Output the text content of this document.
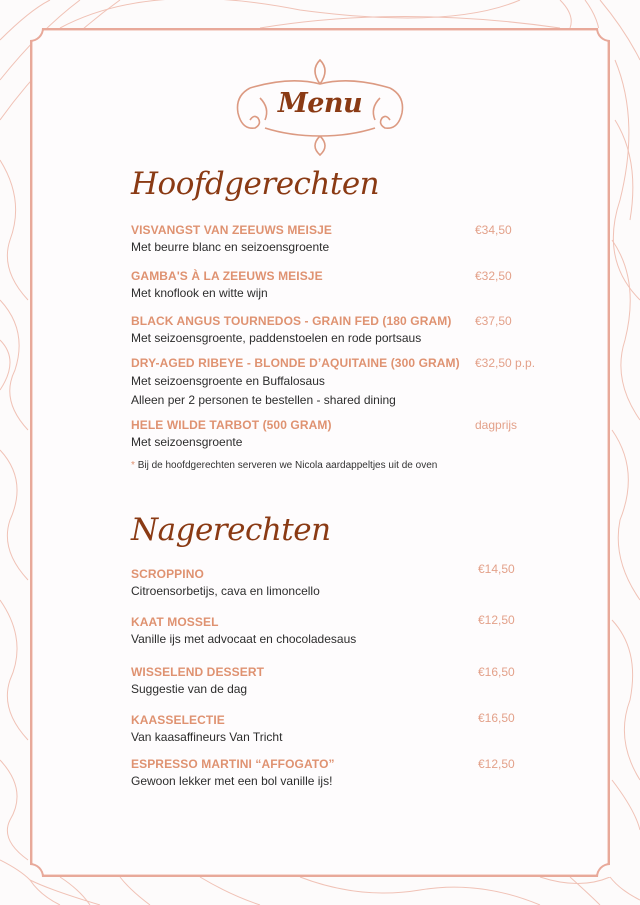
Menu
Hoofdgerechten
VISVANGST VAN ZEEUWS MEISJE
Met beurre blanc en seizoensgroente
€34,50
GAMBA'S À LA ZEEUWS MEISJE
Met knoflook en witte wijn
€32,50
BLACK ANGUS TOURNEDOS - GRAIN FED (180 GRAM)
Met seizoensgroente, paddenstoelen en rode portsaus
€37,50
DRY-AGED RIBEYE - BLONDE D’AQUITAINE (300 GRAM)
Met seizoensgroente en Buffalosaus
Alleen per 2 personen te bestellen - shared dining
€32,50 p.p.
HELE WILDE TARBOT (500 GRAM)
Met seizoensgroente
dagprijs
* Bij de hoofdgerechten serveren we Nicola aardappeltjes uit de oven
Nagerechten
SCROPPINO
Citroensorbetijs, cava en limoncello
€14,50
KAAT MOSSEL
Vanille ijs met advocaat en chocoladesaus
€12,50
WISSELEND DESSERT
Suggestie van de dag
€16,50
KAASSELECTIE
Van kaasaffineurs Van Tricht
€16,50
ESPRESSO MARTINI “AFFOGATO”
Gewoon lekker met een bol vanille ijs!
€12,50
